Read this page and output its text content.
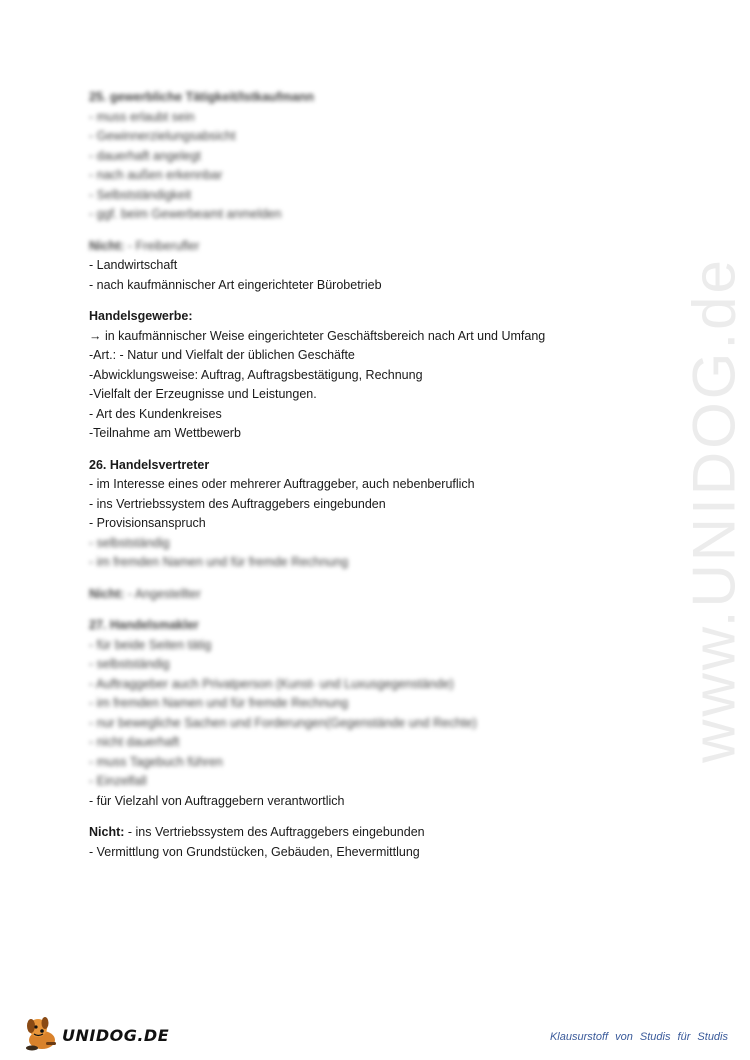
www.UNIDOG.de
25. gewerbliche Tätigkeit/Istkaufmann
- muss erlaubt sein
- Gewinnerzielungsabsicht
- dauerhaft angelegt
- nach außen erkennbar
- Selbstständigkeit
- ggf. beim Gewerbeamt anmelden
Nicht: - Freiberufler
- Landwirtschaft
- nach kaufmännischer Art eingerichteter Bürobetrieb
Handelsgewerbe:
→ in kaufmännischer Weise eingerichteter Geschäftsbereich nach Art und Umfang
-Art.: - Natur und Vielfalt der üblichen Geschäfte
-Abwicklungsweise: Auftrag, Auftragsbestätigung, Rechnung
-Vielfalt der Erzeugnisse und Leistungen.
- Art des Kundenkreises
-Teilnahme am Wettbewerb
26. Handelsvertreter
- im Interesse eines oder mehrerer Auftraggeber, auch nebenberuflich
- ins Vertriebssystem des Auftraggebers eingebunden
- Provisionsanspruch
- selbstständig
- im fremden Namen und für fremde Rechnung
Nicht: - Angestellter
27. Handelsmakler
- für beide Seiten tätig
- selbstständig
- Auftraggeber auch Privatperson (Kunst- und Luxusgegenstände)
- im fremden Namen und für fremde Rechnung
- nur bewegliche Sachen und Forderungen(Gegenstände und Rechte)
- nicht dauerhaft
- muss Tagebuch führen
- Einzelfall
- für Vielzahl von Auftraggebern verantwortlich
Nicht: - ins Vertriebssystem des Auftraggebers eingebunden
- Vermittlung von Grundstücken, Gebäuden, Ehevermittlung
UNIDOG.DE	Klausurstoff von Studis für Studis
